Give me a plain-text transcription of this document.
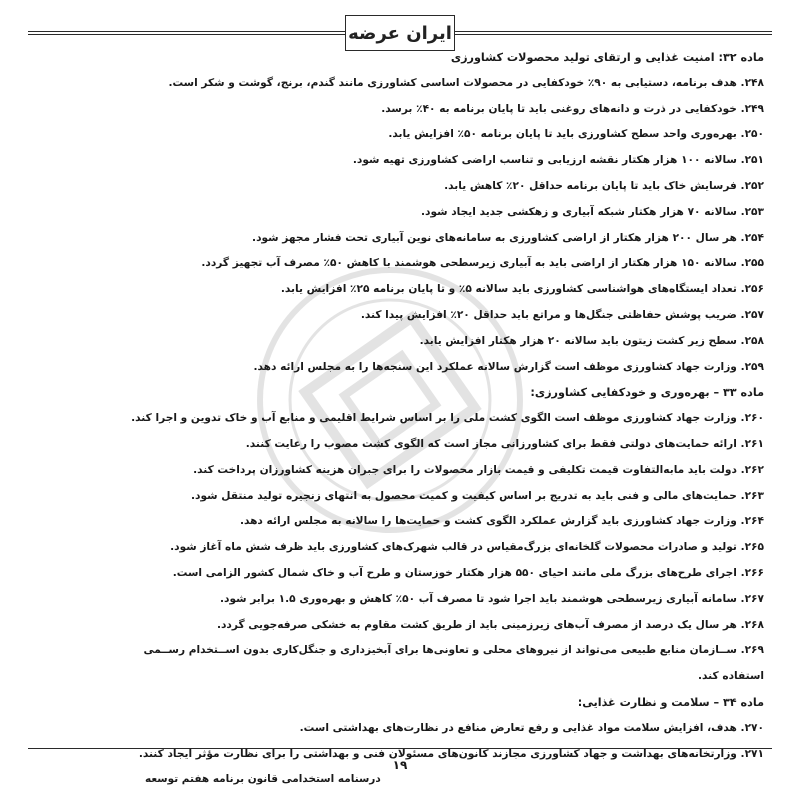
ایران عرضه
ماده ۳۲: امنیت غذایی و ارتقای تولید محصولات کشاورزی
۲۴۸. هدف برنامه، دستیابی به ۹۰٪ خودکفایی در محصولات اساسی کشاورزی مانند گندم، برنج، گوشت و شکر است.
۲۴۹. خودکفایی در ذرت و دانه‌های روغنی باید تا پایان برنامه به ۴۰٪ برسد.
۲۵۰. بهره‌وری واحد سطح کشاورزی باید تا پایان برنامه ۵۰٪ افزایش یابد.
۲۵۱. سالانه ۱۰۰ هزار هکتار نقشه ارزیابی و تناسب اراضی کشاورزی تهیه شود.
۲۵۲. فرسایش خاک باید تا پایان برنامه حداقل ۲۰٪ کاهش یابد.
۲۵۳. سالانه ۷۰ هزار هکتار شبکه آبیاری و زهکشی جدید ایجاد شود.
۲۵۴. هر سال ۲۰۰ هزار هکتار از اراضی کشاورزی به سامانه‌های نوین آبیاری تحت فشار مجهز شود.
۲۵۵. سالانه ۱۵۰ هزار هکتار از اراضی باید به آبیاری زیرسطحی هوشمند با کاهش ۵۰٪ مصرف آب تجهیز گردد.
۲۵۶. تعداد ایستگاه‌های هواشناسی کشاورزی باید سالانه ۵٪ و تا پایان برنامه ۲۵٪ افزایش یابد.
۲۵۷. ضریب پوشش حفاظتی جنگل‌ها و مراتع باید حداقل ۲۰٪ افزایش پیدا کند.
۲۵۸. سطح زیر کشت زیتون باید سالانه ۲۰ هزار هکتار افزایش یابد.
۲۵۹. وزارت جهاد کشاورزی موظف است گزارش سالانه عملکرد این سنجه‌ها را به مجلس ارائه دهد.
ماده ۳۳ – بهره‌وری و خودکفایی کشاورزی:
۲۶۰. وزارت جهاد کشاورزی موظف است الگوی کشت ملی را بر اساس شرایط اقلیمی و منابع آب و خاک تدوین و اجرا کند.
۲۶۱. ارائه حمایت‌های دولتی فقط برای کشاورزانی مجاز است که الگوی کشت مصوب را رعایت کنند.
۲۶۲. دولت باید مابه‌التفاوت قیمت تکلیفی و قیمت بازار محصولات را برای جبران هزینه کشاورزان پرداخت کند.
۲۶۳. حمایت‌های مالی و فنی باید به تدریج بر اساس کیفیت و کمیت محصول به انتهای زنجیره تولید منتقل شود.
۲۶۴. وزارت جهاد کشاورزی باید گزارش عملکرد الگوی کشت و حمایت‌ها را سالانه به مجلس ارائه دهد.
۲۶۵. تولید و صادرات محصولات گلخانه‌ای بزرگ‌مقیاس در قالب شهرک‌های کشاورزی باید ظرف شش ماه آغاز شود.
۲۶۶. اجرای طرح‌های بزرگ ملی مانند احیای ۵۵۰ هزار هکتار خوزستان و طرح آب و خاک شمال کشور الزامی است.
۲۶۷. سامانه آبیاری زیرسطحی هوشمند باید اجرا شود تا مصرف آب ۵۰٪ کاهش و بهره‌وری ۱.۵ برابر شود.
۲۶۸. هر سال یک درصد از مصرف آب‌های زیرزمینی باید از طریق کشت مقاوم به خشکی صرفه‌جویی گردد.
۲۶۹. ســازمان منابع طبیعی می‌تواند از نیروهای محلی و تعاونی‌ها برای آبخیزداری و جنگل‌کاری بدون اســتخدام رســمی
استفاده کند.
ماده ۳۴ – سلامت و نظارت غذایی:
۲۷۰. هدف، افزایش سلامت مواد غذایی و رفع تعارض منافع در نظارت‌های بهداشتی است.
۲۷۱. وزارتخانه‌های بهداشت و جهاد کشاورزی مجازند کانون‌های مسئولان فنی و بهداشتی را برای نظارت مؤثر ایجاد کنند.
۱۹
درسنامه استخدامی قانون برنامه هفتم توسعه
